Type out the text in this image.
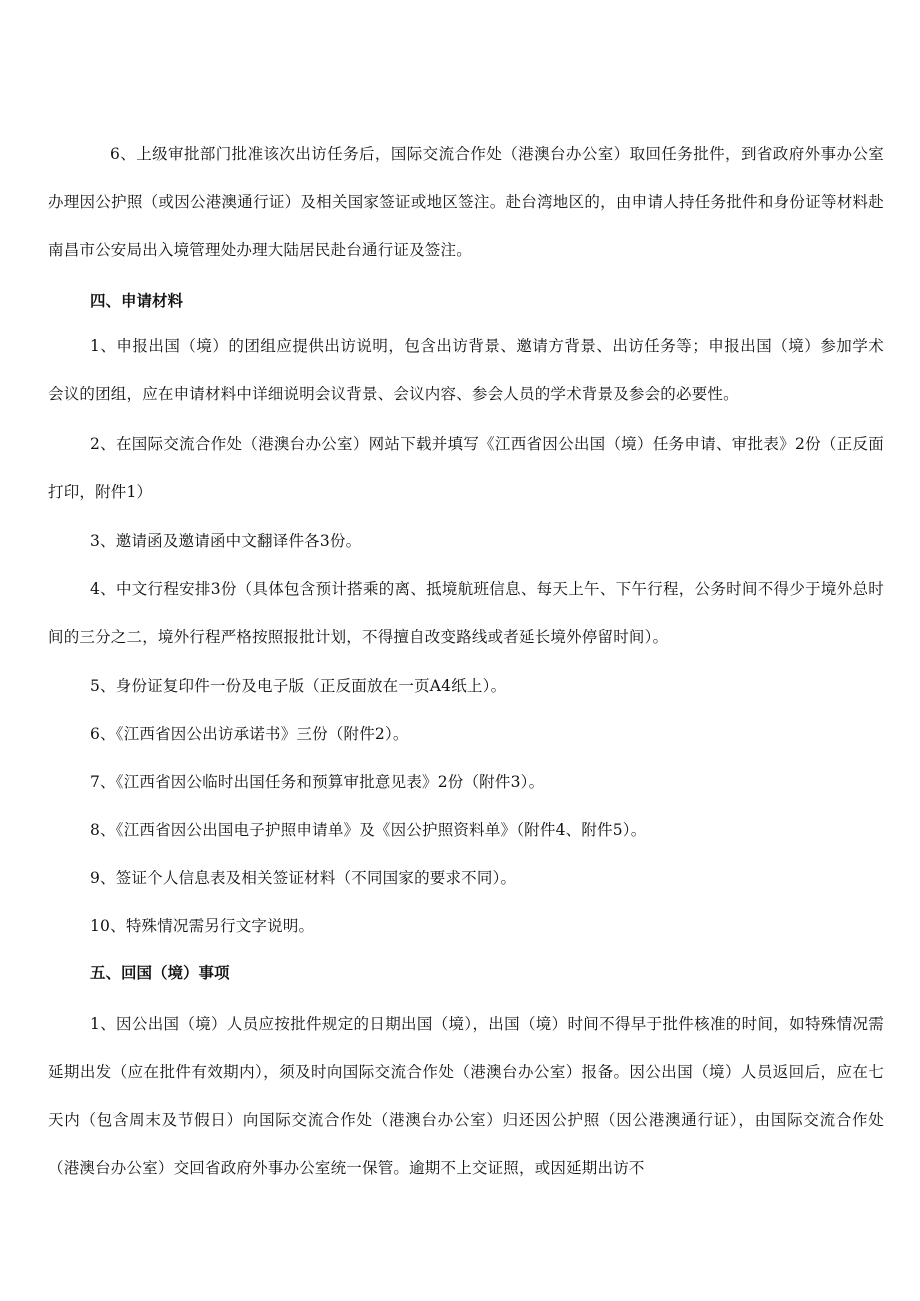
6、上级审批部门批准该次出访任务后，国际交流合作处（港澳台办公室）取回任务批件，到省政府外事办公室办理因公护照（或因公港澳通行证）及相关国家签证或地区签注。赴台湾地区的，由申请人持任务批件和身份证等材料赴南昌市公安局出入境管理处办理大陆居民赴台通行证及签注。

四、申请材料

1、申报出国（境）的团组应提供出访说明，包含出访背景、邀请方背景、出访任务等；申报出国（境）参加学术会议的团组，应在申请材料中详细说明会议背景、会议内容、参会人员的学术背景及参会的必要性。

2、在国际交流合作处（港澳台办公室）网站下载并填写《江西省因公出国（境）任务申请、审批表》2份（正反面打印，附件1）

3、邀请函及邀请函中文翻译件各3份。

4、中文行程安排3份（具体包含预计搭乘的离、抵境航班信息、每天上午、下午行程，公务时间不得少于境外总时间的三分之二，境外行程严格按照报批计划，不得擅自改变路线或者延长境外停留时间）。

5、身份证复印件一份及电子版（正反面放在一页A4纸上）。

6、《江西省因公出访承诺书》三份（附件2）。

7、《江西省因公临时出国任务和预算审批意见表》2份（附件3）。

8、《江西省因公出国电子护照申请单》及《因公护照资料单》（附件4、附件5）。

9、签证个人信息表及相关签证材料（不同国家的要求不同）。

10、特殊情况需另行文字说明。

五、回国（境）事项

1、因公出国（境）人员应按批件规定的日期出国（境），出国（境）时间不得早于批件核准的时间，如特殊情况需延期出发（应在批件有效期内），须及时向国际交流合作处（港澳台办公室）报备。因公出国（境）人员返回后，应在七天内（包含周末及节假日）向国际交流合作处（港澳台办公室）归还因公护照（因公港澳通行证），由国际交流合作处（港澳台办公室）交回省政府外事办公室统一保管。逾期不上交证照，或因延期出访不
